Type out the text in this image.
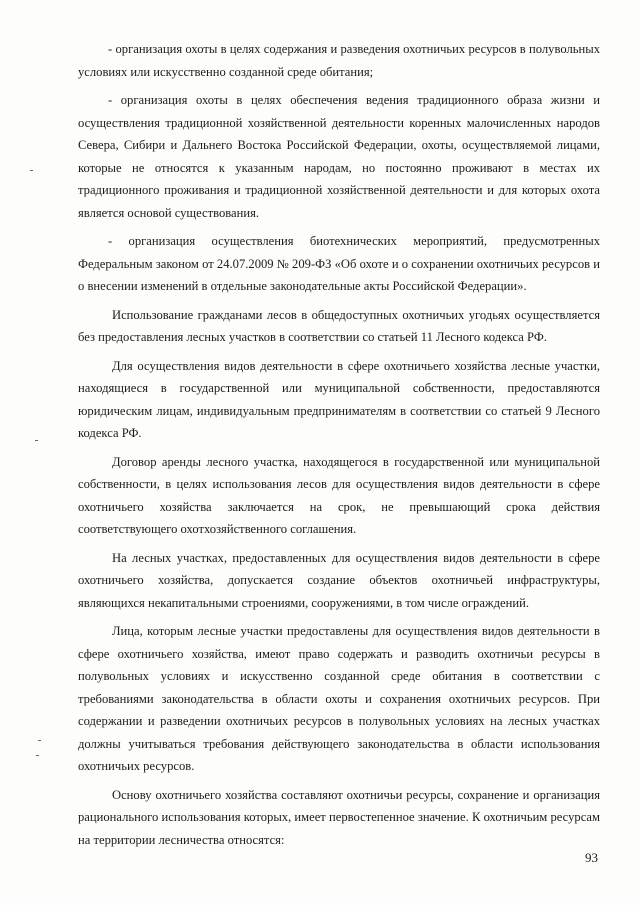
- организация охоты в целях содержания и разведения охотничьих ресурсов в полувольных условиях или искусственно созданной среде обитания;

- организация охоты в целях обеспечения ведения традиционного образа жизни и осуществления традиционной хозяйственной деятельности коренных малочисленных народов Севера, Сибири и Дальнего Востока Российской Федерации, охоты, осуществляемой лицами, которые не относятся к указанным народам, но постоянно проживают в местах их традиционного проживания и традиционной хозяйственной деятельности и для которых охота является основой существования.

- организация осуществления биотехнических мероприятий, предусмотренных Федеральным законом от 24.07.2009 № 209-ФЗ «Об охоте и о сохранении охотничьих ресурсов и о внесении изменений в отдельные законодательные акты Российской Федерации».

Использование гражданами лесов в общедоступных охотничьих угодьях осуществляется без предоставления лесных участков в соответствии со статьей 11 Лесного кодекса РФ.

Для осуществления видов деятельности в сфере охотничьего хозяйства лесные участки, находящиеся в государственной или муниципальной собственности, предоставляются юридическим лицам, индивидуальным предпринимателям в соответствии со статьей 9 Лесного кодекса РФ.

Договор аренды лесного участка, находящегося в государственной или муниципальной собственности, в целях использования лесов для осуществления видов деятельности в сфере охотничьего хозяйства заключается на срок, не превышающий срока действия соответствующего охотхозяйственного соглашения.

На лесных участках, предоставленных для осуществления видов деятельности в сфере охотничьего хозяйства, допускается создание объектов охотничьей инфраструктуры, являющихся некапитальными строениями, сооружениями, в том числе ограждений.

Лица, которым лесные участки предоставлены для осуществления видов деятельности в сфере охотничьего хозяйства, имеют право содержать и разводить охотничьи ресурсы в полувольных условиях и искусственно созданной среде обитания в соответствии с требованиями законодательства в области охоты и сохранения охотничьих ресурсов. При содержании и разведении охотничьих ресурсов в полувольных условиях на лесных участках должны учитываться требования действующего законодательства в области использования охотничьих ресурсов.

Основу охотничьего хозяйства составляют охотничьи ресурсы, сохранение и организация рационального использования которых, имеет первостепенное значение. К охотничьим ресурсам на территории лесничества относятся:

93
